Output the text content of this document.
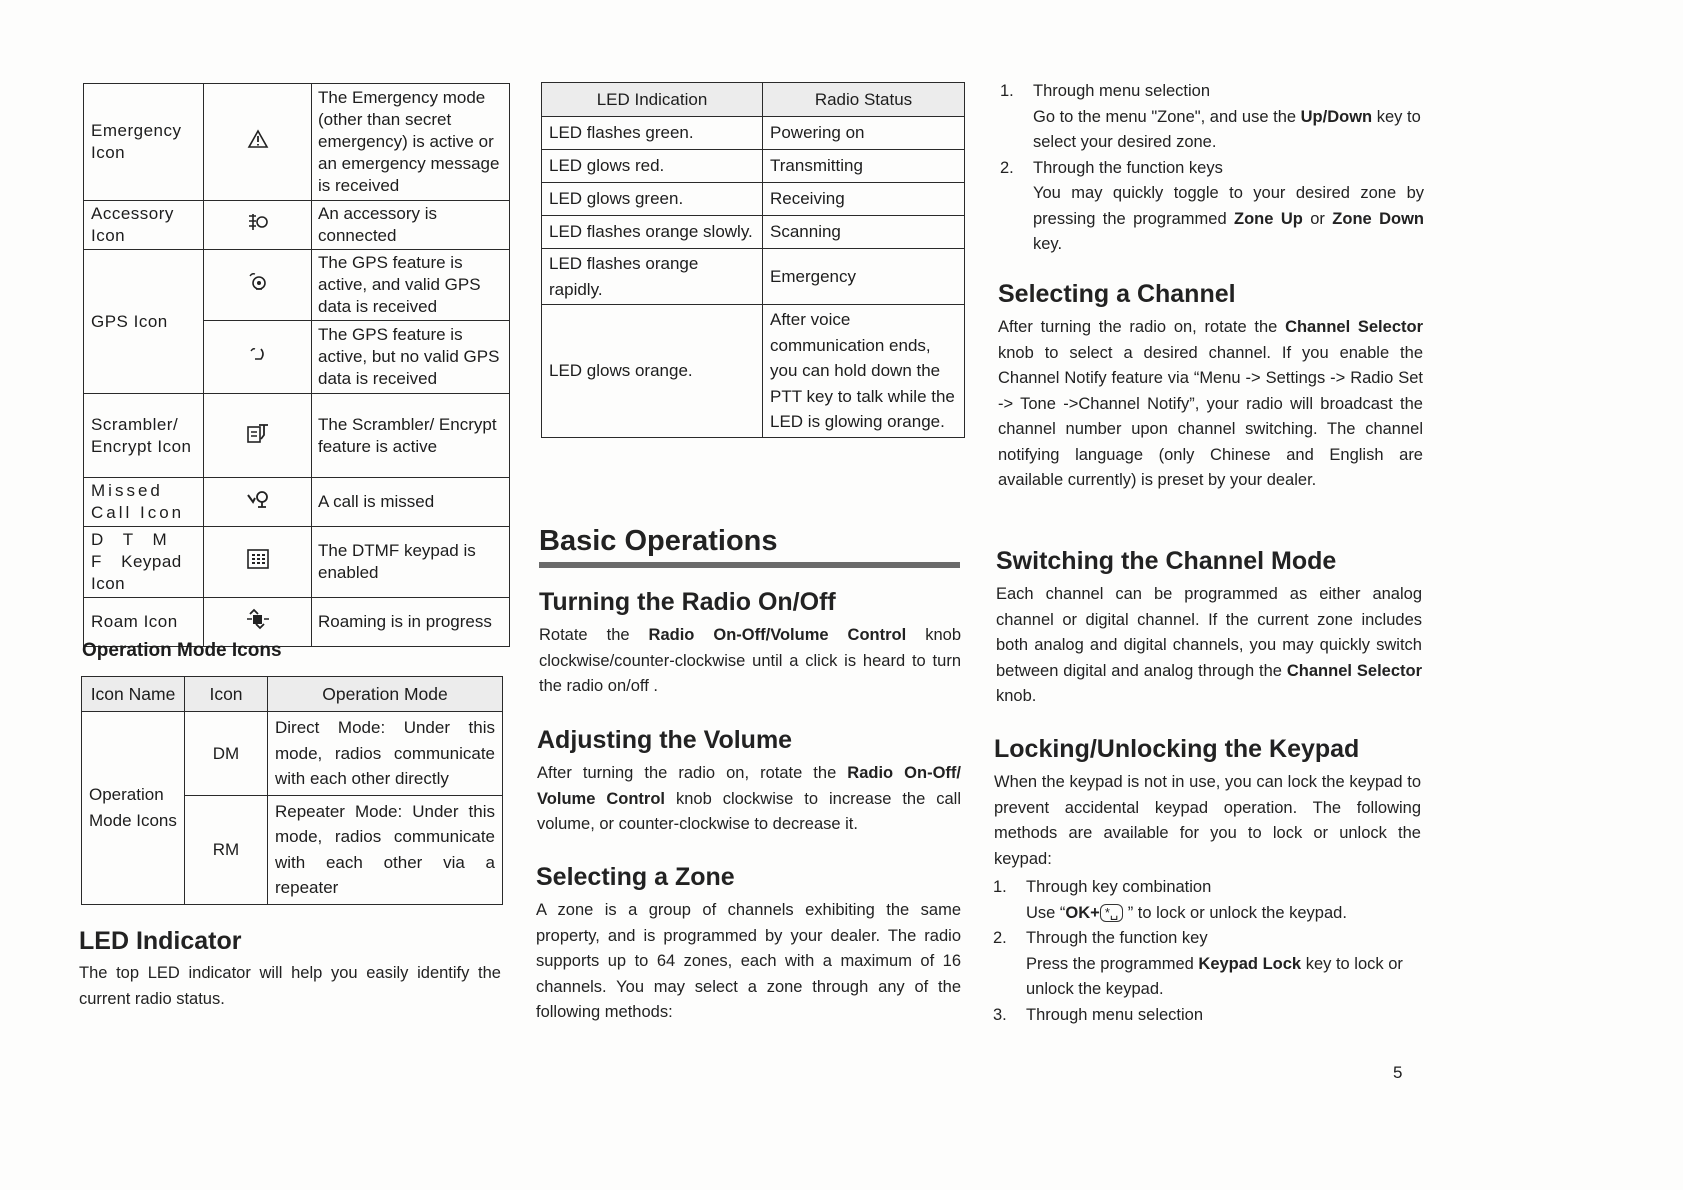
Emergency Icon		The Emergency mode (other than secret emergency) is active or an emergency message is received
Accessory Icon		An accessory is connected
GPS Icon		The GPS feature is active, and valid GPS data is received
	The GPS feature is active, but no valid GPS data is received
Scrambler/ Encrypt Icon		The Scrambler/ Encrypt feature is active
Missed Call Icon		A call is missed
D T M F Keypad Icon		The DTMF keypad is enabled
Roam Icon		Roaming is in progress
Operation Mode Icons
Icon Name	Icon	Operation Mode
Operation Mode Icons	DM	Direct Mode: Under this mode, radios communicate with each other directly
	RM	Repeater Mode: Under this mode, radios communicate with each other via a repeater
LED Indicator
The top LED indicator will help you easily identify the current radio status.
LED Indication	Radio Status
LED flashes green.	Powering on
LED glows red.	Transmitting
LED glows green.	Receiving
LED flashes orange slowly.	Scanning
LED flashes orange rapidly.	Emergency
LED glows orange.	After voice communication ends, you can hold down the PTT key to talk while the LED is glowing orange.
Basic Operations
Turning the Radio On/Off
Rotate the Radio On-Off/Volume Control knob clockwise/counter-clockwise until a click is heard to turn the radio on/off .
Adjusting the Volume
After turning the radio on, rotate the Radio On-Off/ Volume Control knob clockwise to increase the call volume, or counter-clockwise to decrease it.
Selecting a Zone
A zone is a group of channels exhibiting the same property, and is programmed by your dealer. The radio supports up to 64 zones, each with a maximum of 16 channels. You may select a zone through any of the following methods:
1. Through menu selection
Go to the menu "Zone", and use the Up/Down key to select your desired zone.
2. Through the function keys
You may quickly toggle to your desired zone by pressing the programmed Zone Up or Zone Down key.
Selecting a Channel
After turning the radio on, rotate the Channel Selector knob to select a desired channel. If you enable the Channel Notify feature via “Menu -> Settings -> Radio Set -> Tone ->Channel Notify”, your radio will broadcast the channel number upon channel switching. The channel notifying language (only Chinese and English are available currently) is preset by your dealer.
Switching the Channel Mode
Each channel can be programmed as either analog channel or digital channel. If the current zone includes both analog and digital channels, you may quickly switch between digital and analog through the Channel Selector knob.
Locking/Unlocking the Keypad
When the keypad is not in use, you can lock the keypad to prevent accidental keypad operation. The following methods are available for you to lock or unlock the keypad:
1. Through key combination
Use “OK+ *␣ ” to lock or unlock the keypad.
2. Through the function key
Press the programmed Keypad Lock key to lock or unlock the keypad.
3. Through menu selection
5
